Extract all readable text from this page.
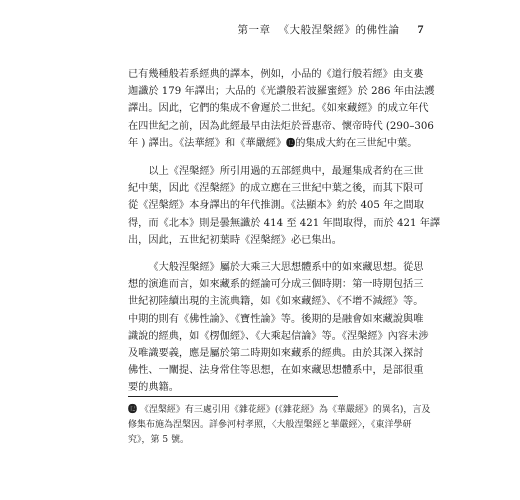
第一章 《大般涅槃經》的佛性論 7
已有幾種般若系經典的譯本，例如，小品的《道行般若經》由支婁
迦讖於 179 年譯出；大品的《光讚般若波羅蜜經》於 286 年由法護
譯出。因此，它們的集成不會遲於二世紀。《如來藏經》的成立年代
在四世紀之前，因為此經最早由法炬於晉惠帝、懷帝時代 (290–306
年 ) 譯出。《法華經》和《華嚴經》⓬的集成大約在三世紀中葉。
以上《涅槃經》所引用過的五部經典中，最遲集成者約在三世
紀中葉，因此《涅槃經》的成立應在三世紀中葉之後，而其下限可
從《涅槃經》本身譯出的年代推測。《法顯本》約於 405 年之間取
得，而《北本》則是曇無讖於 414 至 421 年間取得，而於 421 年譯
出，因此，五世紀初葉時《涅槃經》必已集出。
《大般涅槃經》屬於大乘三大思想體系中的如來藏思想。從思
想的演進而言，如來藏系的經論可分成三個時期：第一時期包括三
世紀初陸續出現的主流典籍，如《如來藏經》、《不增不減經》等。
中期的則有《佛性論》、《寶性論》等。後期的是融會如來藏說與唯
識說的經典，如《楞伽經》、《大乘起信論》等。《涅槃經》內容未涉
及唯識要義，應是屬於第二時期如來藏系的經典。由於其深入探討
佛性、一闡提、法身常住等思想，在如來藏思想體系中，是部很重
要的典籍。
⓬ 《涅槃經》有三處引用《雜花經》(《雜花經》為《華嚴經》的異名)，言及
修集布施為涅槃因。詳參河村孝照，〈大般涅槃經と華嚴經〉，《東洋學研
究》，第 5 號。
